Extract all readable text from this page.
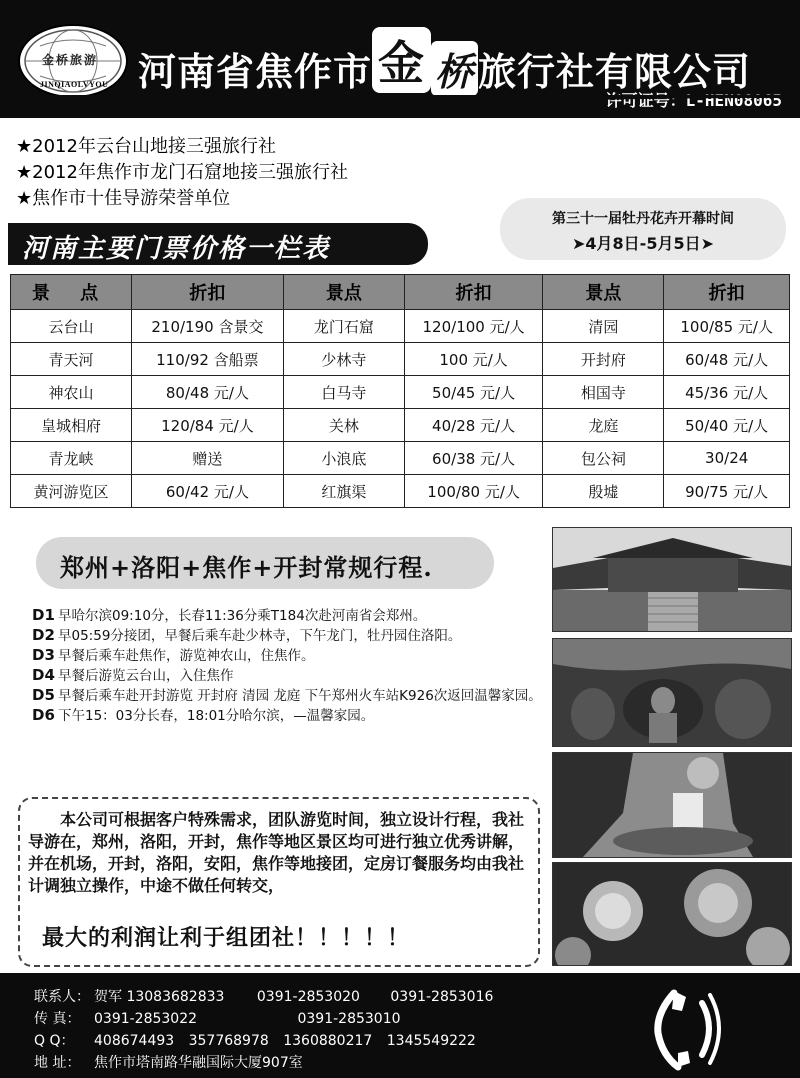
金桥旅游
JINQIAOLVYOU 河南省焦作市 金 桥 旅行社有限公司
许可证号：L-HEN08065
★2012年云台山地接三强旅行社
★2012年焦作市龙门石窟地接三强旅行社
★焦作市十佳导游荣誉单位
第三十一届牡丹花卉开幕时间
➤4月8日-5月5日➤
河南主要门票价格一栏表
景 点	折扣	景点	折扣	景点	折扣
云台山	210/190 含景交	龙门石窟	120/100 元/人	清园	100/85 元/人
青天河	110/92 含船票	少林寺	100 元/人	开封府	60/48 元/人
神农山	80/48 元/人	白马寺	50/45 元/人	相国寺	45/36 元/人
皇城相府	120/84 元/人	关林	40/28 元/人	龙庭	50/40 元/人
青龙峡	赠送	小浪底	60/38 元/人	包公祠	30/24
黄河游览区	60/42 元/人	红旗渠	100/80 元/人	殷墟	90/75 元/人
郑州+洛阳+焦作+开封常规行程.

D1 早哈尔滨09:10分，长春11:36分乘T184次赴河南省会郑州。

D2 早05:59分接团，早餐后乘车赴少林寺，下午龙门，牡丹园住洛阳。

D3 早餐后乘车赴焦作，游览神农山，住焦作。

D4 早餐后游览云台山，入住焦作

D5 早餐后乘车赴开封游览 开封府 清园 龙庭 下午郑州火车站K926次返回温馨家园。

D6 下午15：03分长春，18:01分哈尔滨，—温馨家园。

本公司可根据客户特殊需求，团队游览时间，独立设计行程，我社导游在，郑州，洛阳，开封，焦作等地区景区均可进行独立优秀讲解，并在机场，开封，洛阳，安阳，焦作等地接团，定房订餐服务均由我社计调独立操作，中途不做任何转交，

最大的利润让利于组团社！！！！！
联系人： 贺军 13083682833 0391-2853020 0391-2853016
传 真： 0391-2853022	0391-2853010
Q Q： 408674493 357768978 1360880217 1345549222
地 址： 焦作市塔南路华融国际大厦907室
